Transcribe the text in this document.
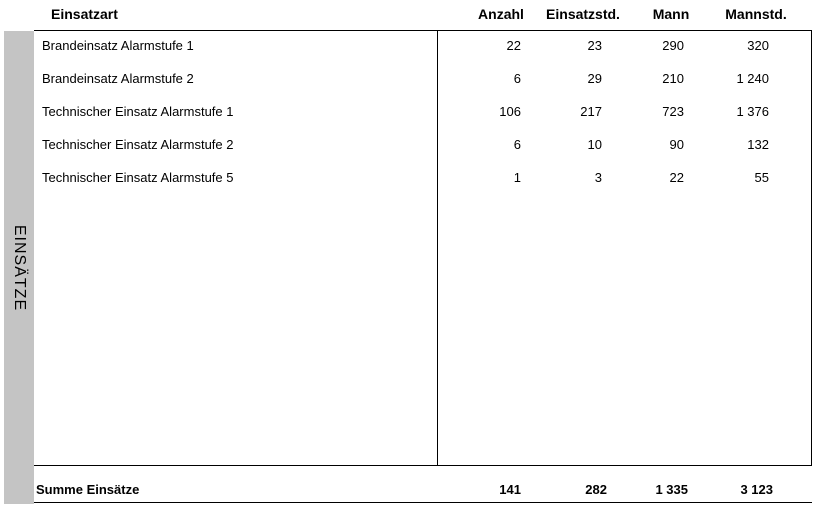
Einsatzart	Anzahl	Einsatzstd.	Mann	Mannstd.
EINSÄTZE
Brandeinsatz Alarmstufe 1	22	23	290	320
Brandeinsatz Alarmstufe 2	6	29	210	1 240
Technischer Einsatz Alarmstufe 1	106	217	723	1 376
Technischer Einsatz Alarmstufe 2	6	10	90	132
Technischer Einsatz Alarmstufe 5	1	3	22	55
Summe Einsätze	141	282	1 335	3 123
